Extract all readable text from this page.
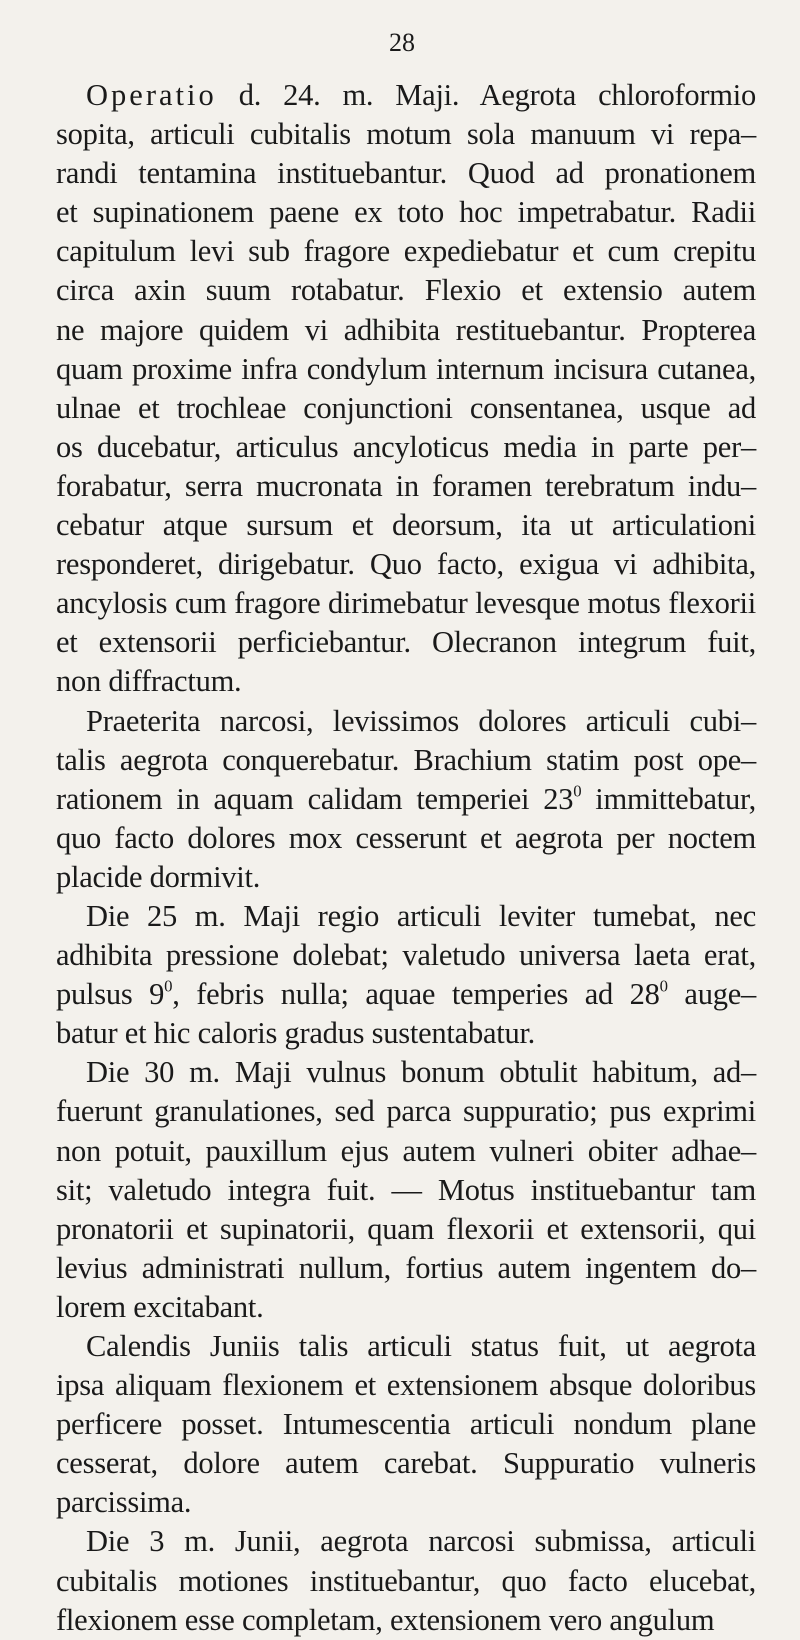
28
Operatio d. 24. m. Maji. Aegrota chloroformio
sopita, articuli cubitalis motum sola manuum vi repa–
randi tentamina instituebantur. Quod ad pronationem
et supinationem paene ex toto hoc impetrabatur. Radii
capitulum levi sub fragore expediebatur et cum crepitu
circa axin suum rotabatur. Flexio et extensio autem
ne majore quidem vi adhibita restituebantur. Propterea
quam proxime infra condylum internum incisura cutanea,
ulnae et trochleae conjunctioni consentanea, usque ad
os ducebatur, articulus ancyloticus media in parte per–
forabatur, serra mucronata in foramen terebratum indu–
cebatur atque sursum et deorsum, ita ut articulationi
responderet, dirigebatur. Quo facto, exigua vi adhibita,
ancylosis cum fragore dirimebatur levesque motus flexorii
et extensorii perficiebantur. Olecranon integrum fuit,
non diffractum.
Praeterita narcosi, levissimos dolores articuli cubi–
talis aegrota conquerebatur. Brachium statim post ope–
rationem in aquam calidam temperiei $23^0$ immittebatur,
quo facto dolores mox cesserunt et aegrota per noctem
placide dormivit.
Die 25 m. Maji regio articuli leviter tumebat, nec
adhibita pressione dolebat; valetudo universa laeta erat,
pulsus $9^0$, febris nulla; aquae temperies ad $28^0$ auge–
batur et hic caloris gradus sustentabatur.
Die 30 m. Maji vulnus bonum obtulit habitum, ad–
fuerunt granulationes, sed parca suppuratio; pus exprimi
non potuit, pauxillum ejus autem vulneri obiter adhae–
sit; valetudo integra fuit. — Motus instituebantur tam
pronatorii et supinatorii, quam flexorii et extensorii, qui
levius administrati nullum, fortius autem ingentem do–
lorem excitabant.
Calendis Juniis talis articuli status fuit, ut aegrota
ipsa aliquam flexionem et extensionem absque doloribus
perficere posset. Intumescentia articuli nondum plane
cesserat, dolore autem carebat. Suppuratio vulneris
parcissima.
Die 3 m. Junii, aegrota narcosi submissa, articuli
cubitalis motiones instituebantur, quo facto elucebat,
flexionem esse completam, extensionem vero angulum
